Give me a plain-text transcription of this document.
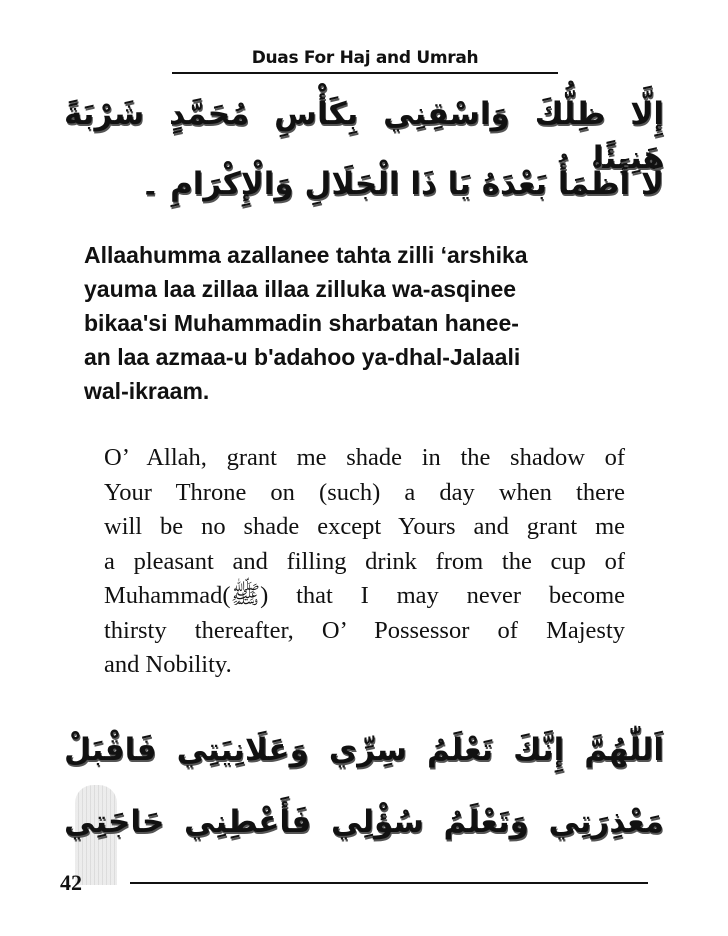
Duas For Haj and Umrah
إِلَّا ظِلُّكَ وَاسْقِنِي بِكَأْسِ مُحَمَّدٍ شَرْبَةً هَنِيئًا
لَا أَظْمَأُ بَعْدَهُ يَا ذَا الْجَلَالِ وَالْإِكْرَامِ ۔
Allaahumma azallanee tahta zilli ‘arshika
yauma laa zillaa illaa zilluka wa-asqinee
bikaa'si Muhammadin sharbatan hanee-
an laa azmaa-u b'adahoo ya-dhal-Jalaali
wal-ikraam.
O’ Allah, grant me shade in the shadow of
Your Throne on (such) a day when there
will be no shade except Yours and grant me
a pleasant and filling drink from the cup of
Muhammad(ﷺ) that I may never become
thirsty thereafter, O’ Possessor of Majesty
and Nobility.
اَللّٰهُمَّ إِنَّكَ تَعْلَمُ سِرِّي وَعَلَانِيَتِي فَاقْبَلْ
مَعْذِرَتِي وَتَعْلَمُ سُؤْلِي فَأَعْطِنِي حَاجَتِي
42
